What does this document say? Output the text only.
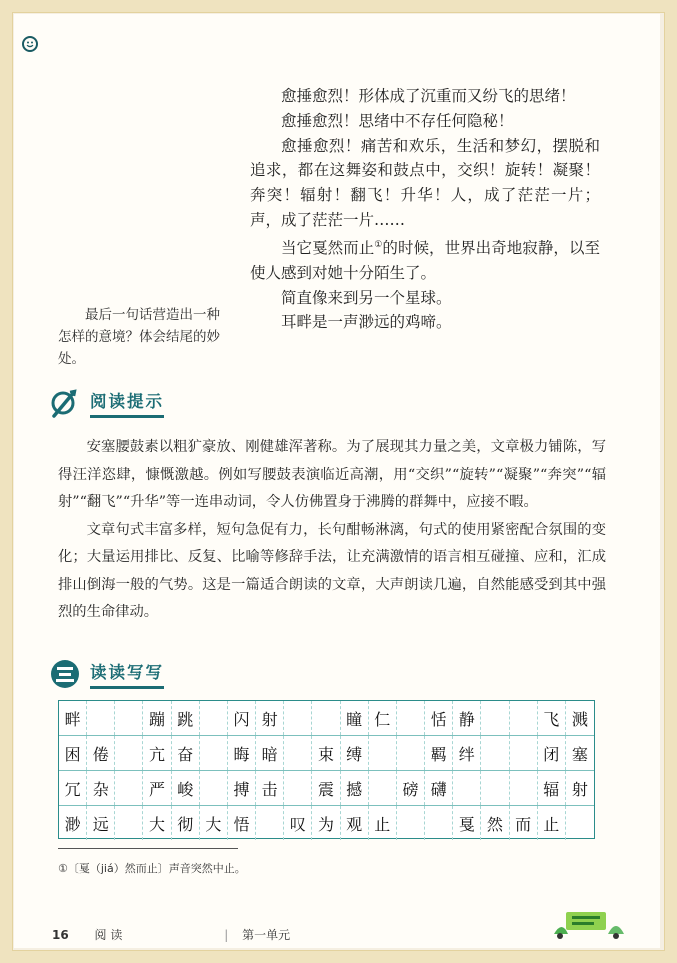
愈捶愈烈！形体成了沉重而又纷飞的思绪！

愈捶愈烈！思绪中不存任何隐秘！

愈捶愈烈！痛苦和欢乐，生活和梦幻，摆脱和追求，都在这舞姿和鼓点中，交织！旋转！凝聚！奔突！辐射！翻飞！升华！人，成了茫茫一片；声，成了茫茫一片……

当它戛然而止①的时候，世界出奇地寂静，以至使人感到对她十分陌生了。

简直像来到另一个星球。

耳畔是一声渺远的鸡啼。

最后一句话营造出一种怎样的意境？体会结尾的妙处。

阅读提示

安塞腰鼓素以粗犷豪放、刚健雄浑著称。为了展现其力量之美，文章极力铺陈，写得汪洋恣肆，慷慨激越。例如写腰鼓表演临近高潮，用“交织”“旋转”“凝聚”“奔突”“辐射”“翻飞”“升华”等一连串动词，令人仿佛置身于沸腾的群舞中，应接不暇。

文章句式丰富多样，短句急促有力，长句酣畅淋漓，句式的使用紧密配合氛围的变化；大量运用排比、反复、比喻等修辞手法，让充满激情的语言相互碰撞、应和，汇成排山倒海一般的气势。这是一篇适合朗读的文章，大声朗读几遍，自然能感受到其中强烈的生命律动。

读读写写
畔	蹦 跳	闪 射	瞳 仁	恬 静	飞 溅
困 倦	亢 奋	晦 暗	束 缚	羁 绊	闭 塞
冗 杂	严 峻	搏 击	震 撼	磅 礴	辐 射
渺 远	大 彻 大 悟	叹 为 观 止	戛 然 而 止
①〔戛（jiá）然而止〕声音突然中止。
16 阅 读	| 第一单元
